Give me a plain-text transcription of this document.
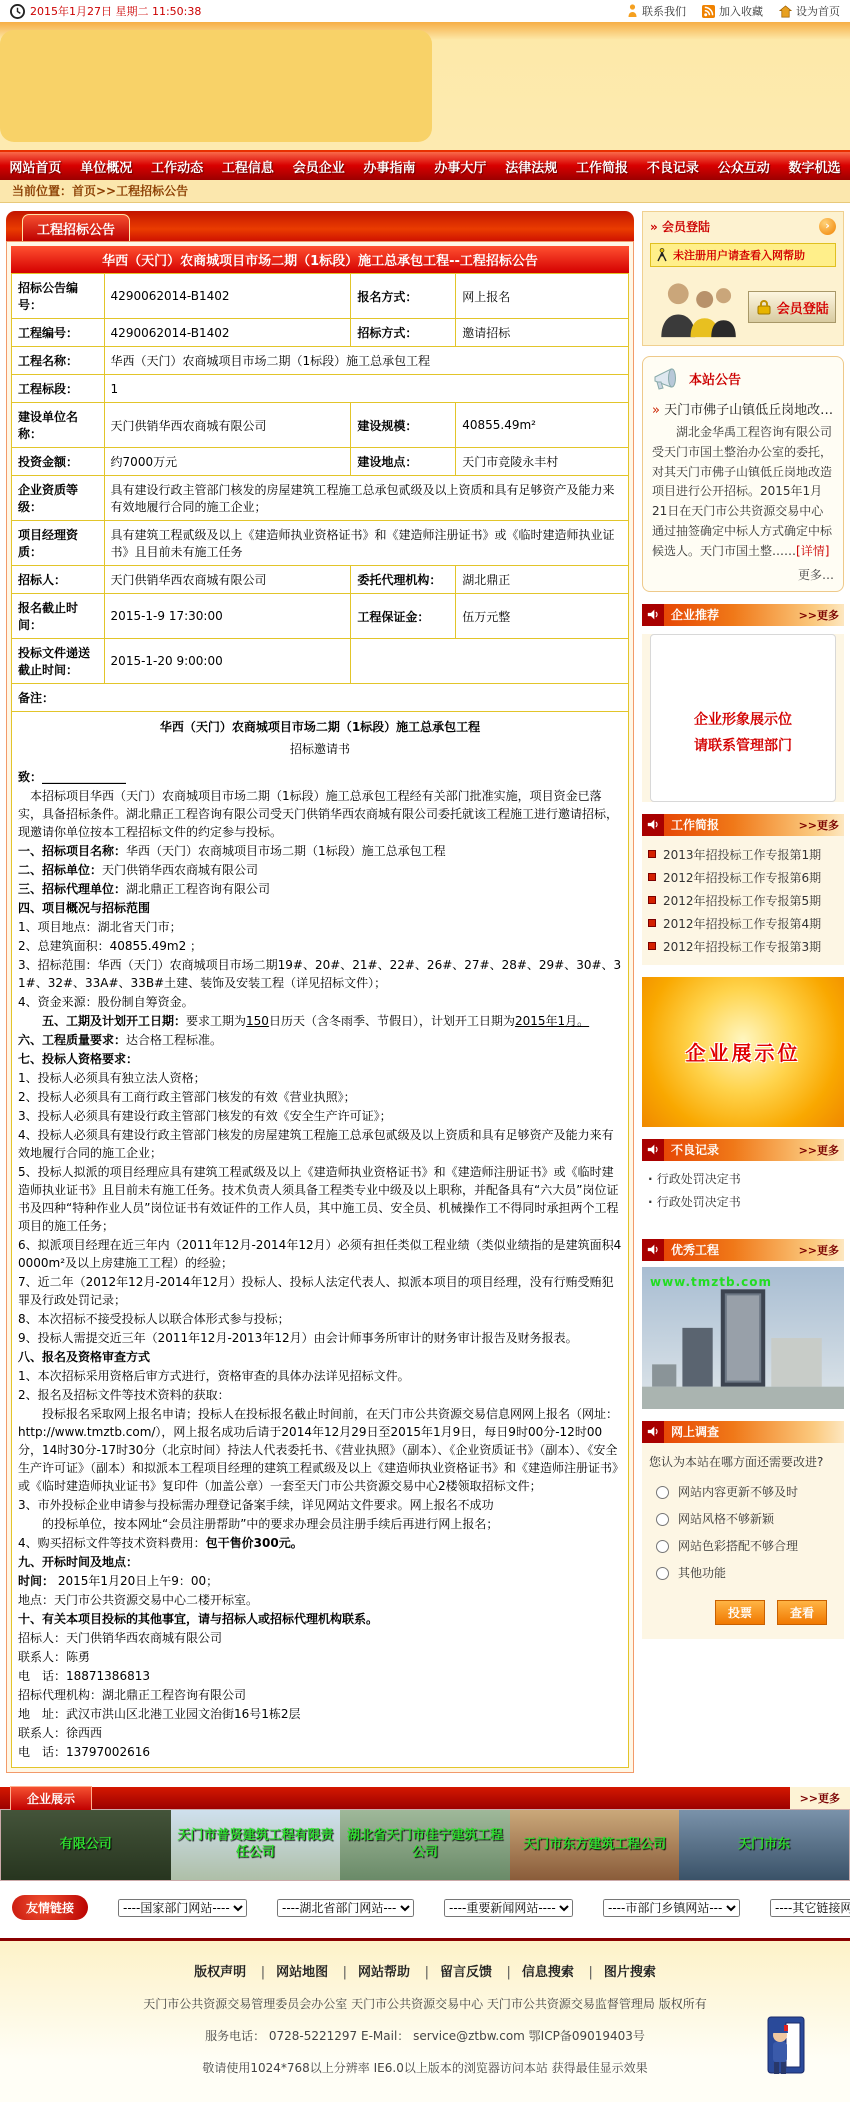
2015年1月27日 星期二 11:50:38	联系我们	加入收藏	设为首页
网站首页 单位概况 工作动态 工程信息 会员企业 办事指南 办事大厅 法律法规 工作简报 不良记录 公众互动 数字机选
当前位置：首页>>工程招标公告
工程招标公告
华西（天门）农商城项目市场二期（1标段）施工总承包工程--工程招标公告
招标公告编号：	4290062014-B1402	报名方式：	网上报名
工程编号：	4290062014-B1402	招标方式：	邀请招标
工程名称：	华西（天门）农商城项目市场二期（1标段）施工总承包工程		
工程标段：	1		
建设单位名称：	天门供销华西农商城有限公司	建设规模：	40855.49m²
投资金额：	约7000万元	建设地点：	天门市竞陵永丰村
企业资质等级：	具有建设行政主管部门核发的房屋建筑工程施工总承包贰级及以上资质和具有足够资产及能力来有效地履行合同的施工企业；		
项目经理资质：	具有建筑工程贰级及以上《建造师执业资格证书》和《建造师注册证书》或《临时建造师执业证书》且目前未有施工任务		
招标人：	天门供销华西农商城有限公司	委托代理机构：	湖北鼎正
报名截止时间：	2015-1-9 17:30:00	工程保证金：	伍万元整
投标文件递送截止时间：	2015-1-20 9:00:00		
备注：			

华西（天门）农商城项目市场二期（1标段）施工总承包工程
招标邀请书
致：______________
　本招标项目华西（天门）农商城项目市场二期（1标段）施工总承包工程经有关部门批准实施，项目资金已落实，具备招标条件。湖北鼎正工程咨询有限公司受天门供销华西农商城有限公司委托就该工程施工进行邀请招标，现邀请你单位按本工程招标文件的约定参与投标。
一、招标项目名称：华西（天门）农商城项目市场二期（1标段）施工总承包工程
二、招标单位：天门供销华西农商城有限公司
三、招标代理单位：湖北鼎正工程咨询有限公司
四、项目概况与招标范围
1、项目地点：湖北省天门市；
2、总建筑面积：40855.49m2 ；
3、招标范围：华西（天门）农商城项目市场二期19#、20#、21#、22#、26#、27#、28#、29#、30#、31#、32#、33A#、33B#土建、装饰及安装工程（详见招标文件）；
4、资金来源：股份制自筹资金。
　　五、工期及计划开工日期：要求工期为150日历天（含冬雨季、节假日），计划开工日期为2015年1月。
六、工程质量要求：达合格工程标准。
七、投标人资格要求：
1、投标人必须具有独立法人资格；
2、投标人必须具有工商行政主管部门核发的有效《营业执照》；
3、投标人必须具有建设行政主管部门核发的有效《安全生产许可证》；
4、投标人必须具有建设行政主管部门核发的房屋建筑工程施工总承包贰级及以上资质和具有足够资产及能力来有效地履行合同的施工企业；
5、投标人拟派的项目经理应具有建筑工程贰级及以上《建造师执业资格证书》和《建造师注册证书》或《临时建造师执业证书》且目前未有施工任务。技术负责人须具备工程类专业中级及以上职称，并配备具有“六大员”岗位证书及四种“特种作业人员”岗位证书有效证件的工作人员，其中施工员、安全员、机械操作工不得同时承担两个工程项目的施工任务；
6、拟派项目经理在近三年内（2011年12月-2014年12月）必须有担任类似工程业绩（类似业绩指的是建筑面积40000m²及以上房建施工工程）的经验；
7、近二年（2012年12月-2014年12月）投标人、投标人法定代表人、拟派本项目的项目经理，没有行贿受贿犯罪及行政处罚记录；
8、本次招标不接受投标人以联合体形式参与投标；
9、投标人需提交近三年（2011年12月-2013年12月）由会计师事务所审计的财务审计报告及财务报表。
八、报名及资格审查方式
1、本次招标采用资格后审方式进行，资格审查的具体办法详见招标文件。
2、报名及招标文件等技术资料的获取：
　　投标报名采取网上报名申请；投标人在投标报名截止时间前，在天门市公共资源交易信息网网上报名（网址：http://www.tmztb.com/），网上报名成功后请于2014年12月29日至2015年1月9日，每日9时00分-12时00分，14时30分-17时30分（北京时间）持法人代表委托书、《营业执照》（副本）、《企业资质证书》（副本）、《安全生产许可证》（副本）和拟派本工程项目经理的建筑工程贰级及以上《建造师执业资格证书》和《建造师注册证书》或《临时建造师执业证书》复印件（加盖公章）一套至天门市公共资源交易中心2楼领取招标文件；
3、市外投标企业申请参与投标需办理登记备案手续，详见网站文件要求。网上报名不成功
　　的投标单位，按本网址“会员注册帮助”中的要求办理会员注册手续后再进行网上报名；
4、购买招标文件等技术资料费用：包干售价300元。
九、开标时间及地点：
时间： 2015年1月20日上午9：00；
地点：天门市公共资源交易中心二楼开标室。
十、有关本项目投标的其他事宜，请与招标人或招标代理机构联系。
招标人：天门供销华西农商城有限公司
联系人：陈勇
电　话：18871386813
招标代理机构：湖北鼎正工程咨询有限公司
地　址：武汉市洪山区北港工业园文治街16号1栋2层
联系人：徐西西
电　话：13797002616
» 会员登陆
›
未注册用户请查看入网帮助
会员登陆
本站公告
» 天门市佛子山镇低丘岗地改…
湖北金华禹工程咨询有限公司受天门市国土整治办公室的委托，对其天门市佛子山镇低丘岗地改造项目进行公开招标。2015年1月21日在天门市公共资源交易中心通过抽签确定中标人方式确定中标候选人。天门市国土整……[详情]
更多…
企业推荐	>>更多
企业形象展示位
请联系管理部门
工作简报	>>更多
2013年招投标工作专报第1期
2012年招投标工作专报第6期
2012年招投标工作专报第5期
2012年招投标工作专报第4期
2012年招投标工作专报第3期
企业展示位
不良记录	>>更多
· 行政处罚决定书
· 行政处罚决定书
优秀工程	>>更多
www.tmztb.com
网上调查
您认为本站在哪方面还需要改进?
网站内容更新不够及时
网站风格不够新颖
网站色彩搭配不够合理
其他功能
投票	查看
企业展示	>>更多
有限公司
天门市普贤建筑工程有限责任公司
湖北省天门市佳宁建筑工程公司
天门市东方建筑工程公司	天门市东
友情链接
----国家部门网站----
----湖北省部门网站---
----重要新闻网站----
----市部门乡镇网站---
----其它链接网站----
版权声明 | 网站地图 | 网站帮助 | 留言反馈 | 信息搜索 | 图片搜索
天门市公共资源交易管理委员会办公室 天门市公共资源交易中心 天门市公共资源交易监督管理局 版权所有
服务电话： 0728-5221297 E-Mail： service@ztbw.com 鄂ICP备09019403号
敬请使用1024*768以上分辨率 IE6.0以上版本的浏览器访问本站 获得最佳显示效果
